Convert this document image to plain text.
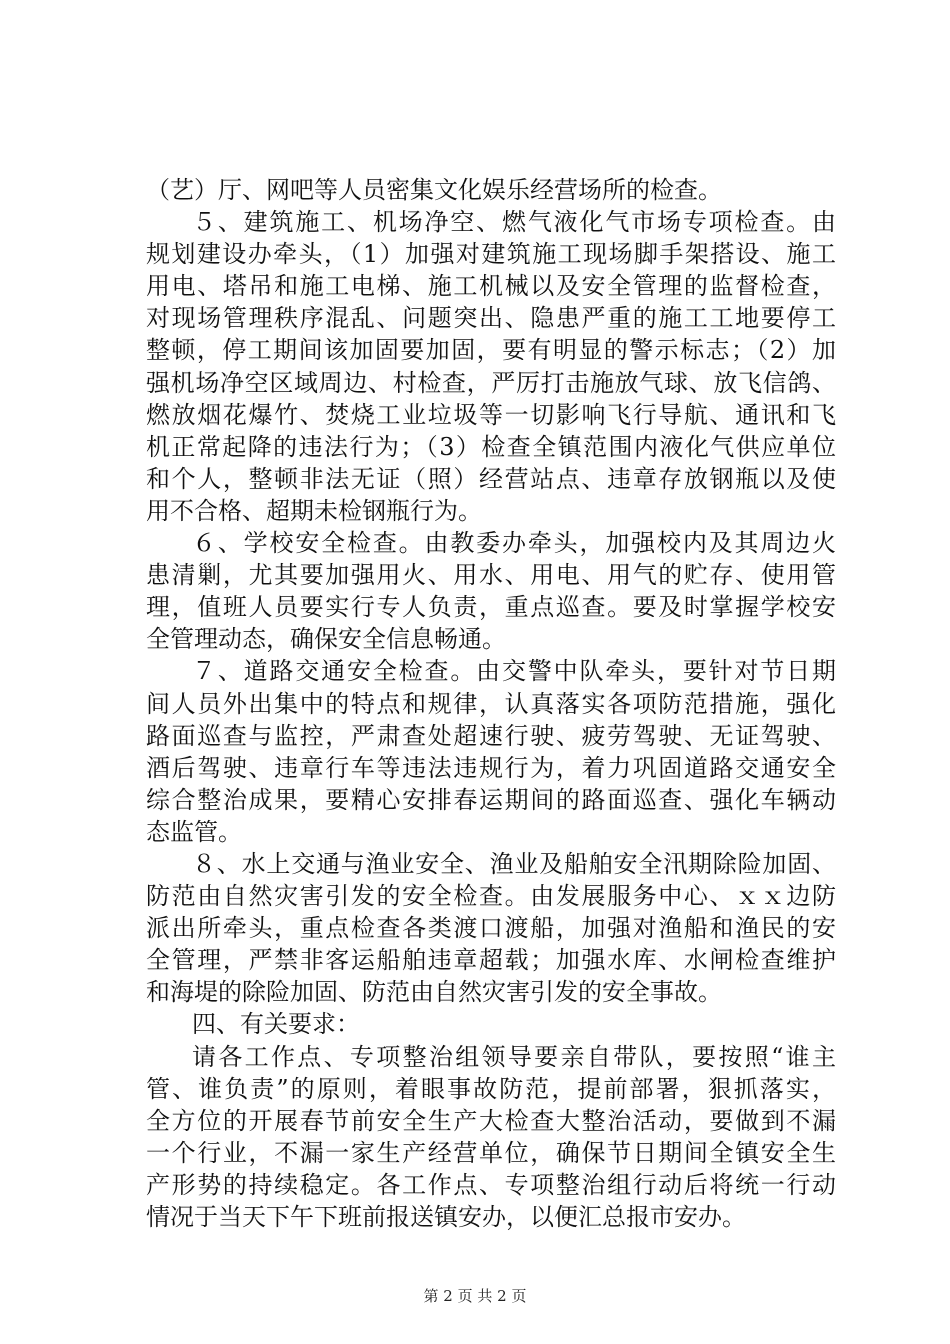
（艺）厅、网吧等人员密集文化娱乐经营场所的检查。
５、建筑施工、机场净空、燃气液化气市场专项检查。由
规划建设办牵头，（1）加强对建筑施工现场脚手架搭设、施工
用电、塔吊和施工电梯、施工机械以及安全管理的监督检查，
对现场管理秩序混乱、问题突出、隐患严重的施工工地要停工
整顿，停工期间该加固要加固，要有明显的警示标志；（2）加
强机场净空区域周边、村检查，严厉打击施放气球、放飞信鸽、
燃放烟花爆竹、焚烧工业垃圾等一切影响飞行导航、通讯和飞
机正常起降的违法行为；（3）检查全镇范围内液化气供应单位
和个人，整顿非法无证（照）经营站点、违章存放钢瓶以及使
用不合格、超期未检钢瓶行为。
６、学校安全检查。由教委办牵头，加强校内及其周边火
患清剿，尤其要加强用火、用水、用电、用气的贮存、使用管
理，值班人员要实行专人负责，重点巡查。要及时掌握学校安
全管理动态，确保安全信息畅通。
７、道路交通安全检查。由交警中队牵头，要针对节日期
间人员外出集中的特点和规律，认真落实各项防范措施，强化
路面巡查与监控，严肃查处超速行驶、疲劳驾驶、无证驾驶、
酒后驾驶、违章行车等违法违规行为，着力巩固道路交通安全
综合整治成果，要精心安排春运期间的路面巡查、强化车辆动
态监管。
８、水上交通与渔业安全、渔业及船舶安全汛期除险加固、
防范由自然灾害引发的安全检查。由发展服务中心、ｘｘ边防
派出所牵头，重点检查各类渡口渡船，加强对渔船和渔民的安
全管理，严禁非客运船舶违章超载；加强水库、水闸检查维护
和海堤的除险加固、防范由自然灾害引发的安全事故。
四、有关要求：
请各工作点、专项整治组领导要亲自带队，要按照“谁主
管、谁负责”的原则，着眼事故防范，提前部署，狠抓落实，
全方位的开展春节前安全生产大检查大整治活动，要做到不漏
一个行业，不漏一家生产经营单位，确保节日期间全镇安全生
产形势的持续稳定。各工作点、专项整治组行动后将统一行动
情况于当天下午下班前报送镇安办，以便汇总报市安办。
第 2 页 共 2 页
